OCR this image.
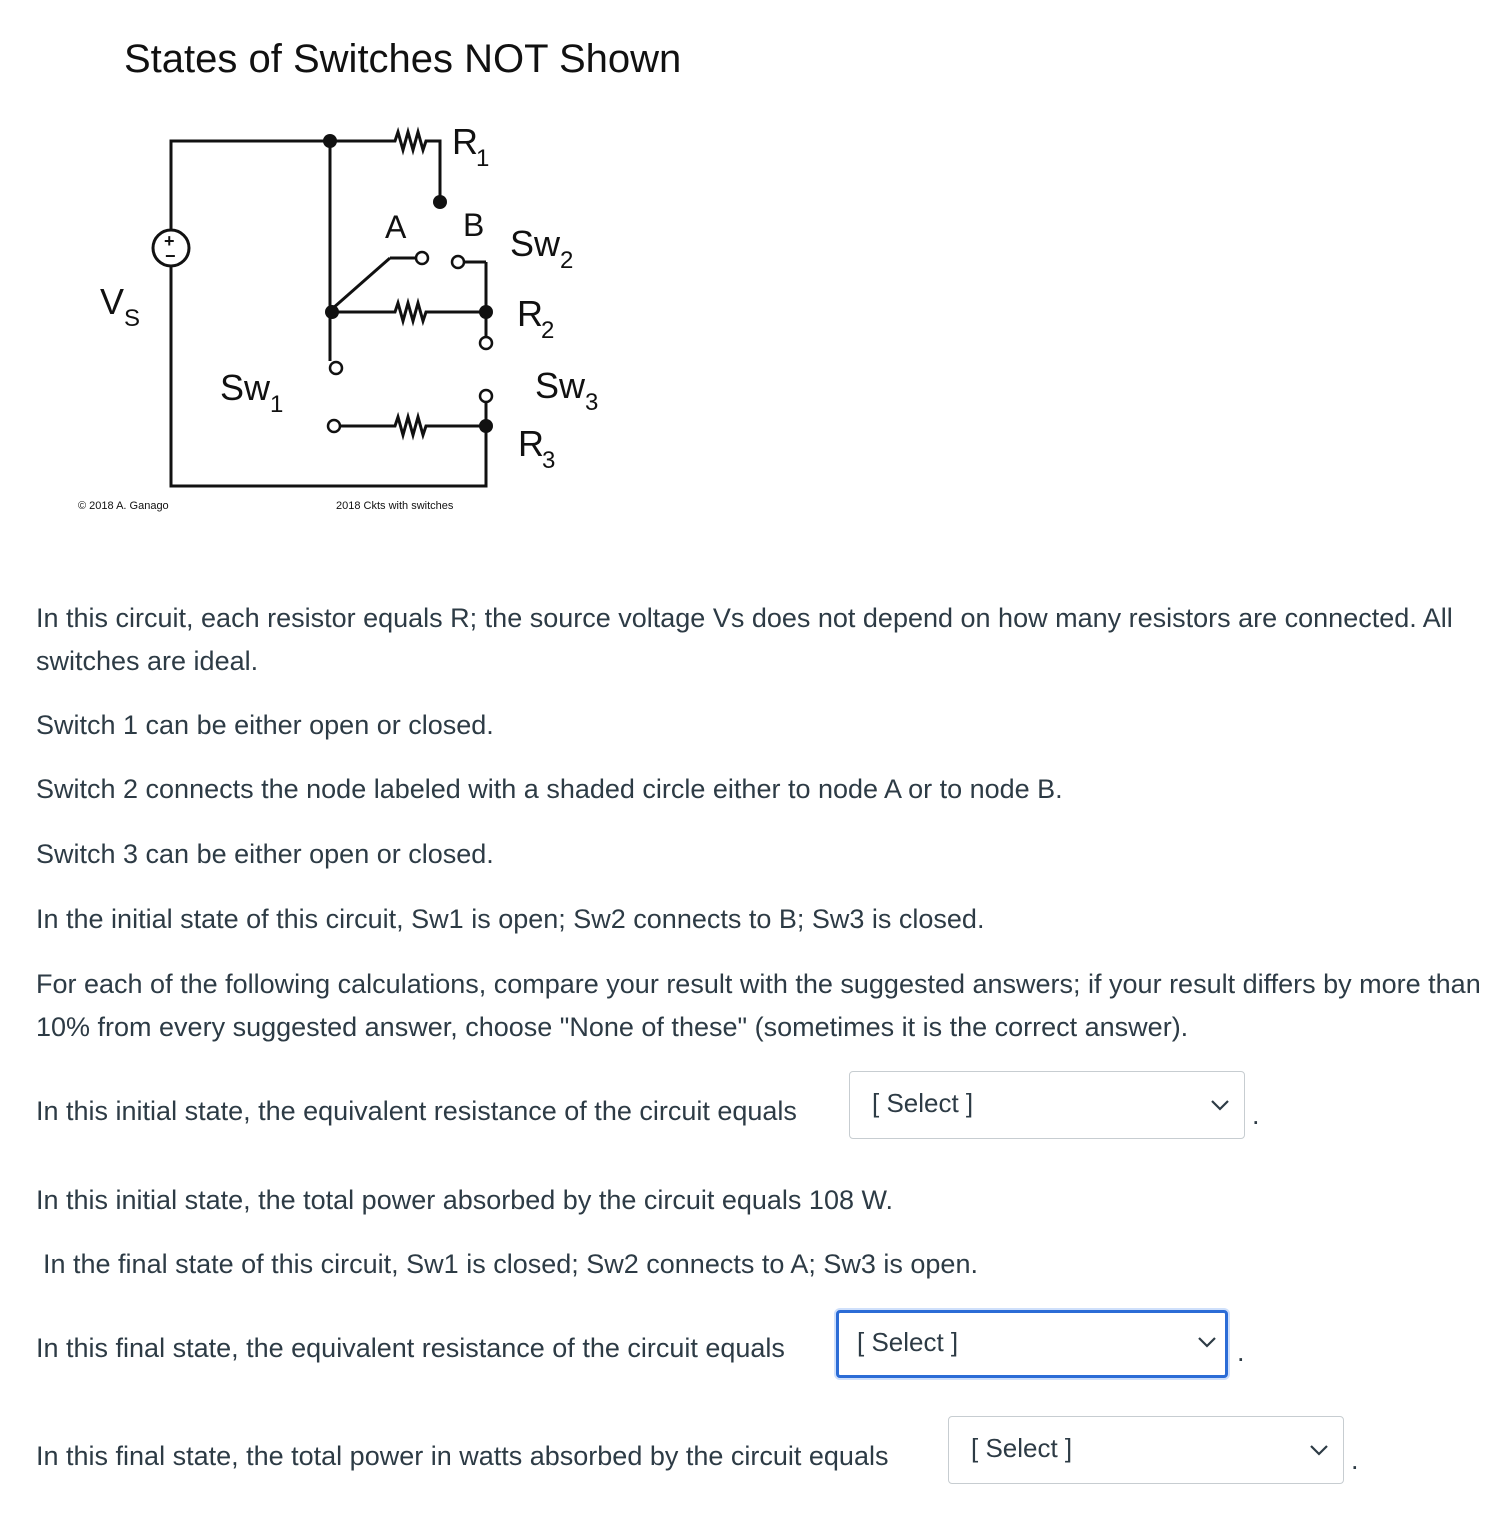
States of Switches NOT Shown
+
−
V S
R
1
A B Sw 2
R
2
Sw 1	Sw 3
R
3
© 2018 A. Ganago	2018 Ckts with switches

In this circuit, each resistor equals R; the source voltage Vs does not depend on how many resistors are connected. All switches are ideal.

Switch 1 can be either open or closed.

Switch 2 connects the node labeled with a shaded circle either to node A or to node B.

Switch 3 can be either open or closed.

In the initial state of this circuit, Sw1 is open; Sw2 connects to B; Sw3 is closed.

For each of the following calculations, compare your result with the suggested answers; if your result differs by more than 10% from every suggested answer, choose "None of these" (sometimes it is the correct answer).

In this initial state, the equivalent resistance of the circuit equals	[ Select ]	.

In this initial state, the total power absorbed by the circuit equals 108 W.

In the final state of this circuit, Sw1 is closed; Sw2 connects to A; Sw3 is open.

In this final state, the equivalent resistance of the circuit equals	[ Select ]	.
In this final state, the total power in watts absorbed by the circuit equals	[ Select ]	.
